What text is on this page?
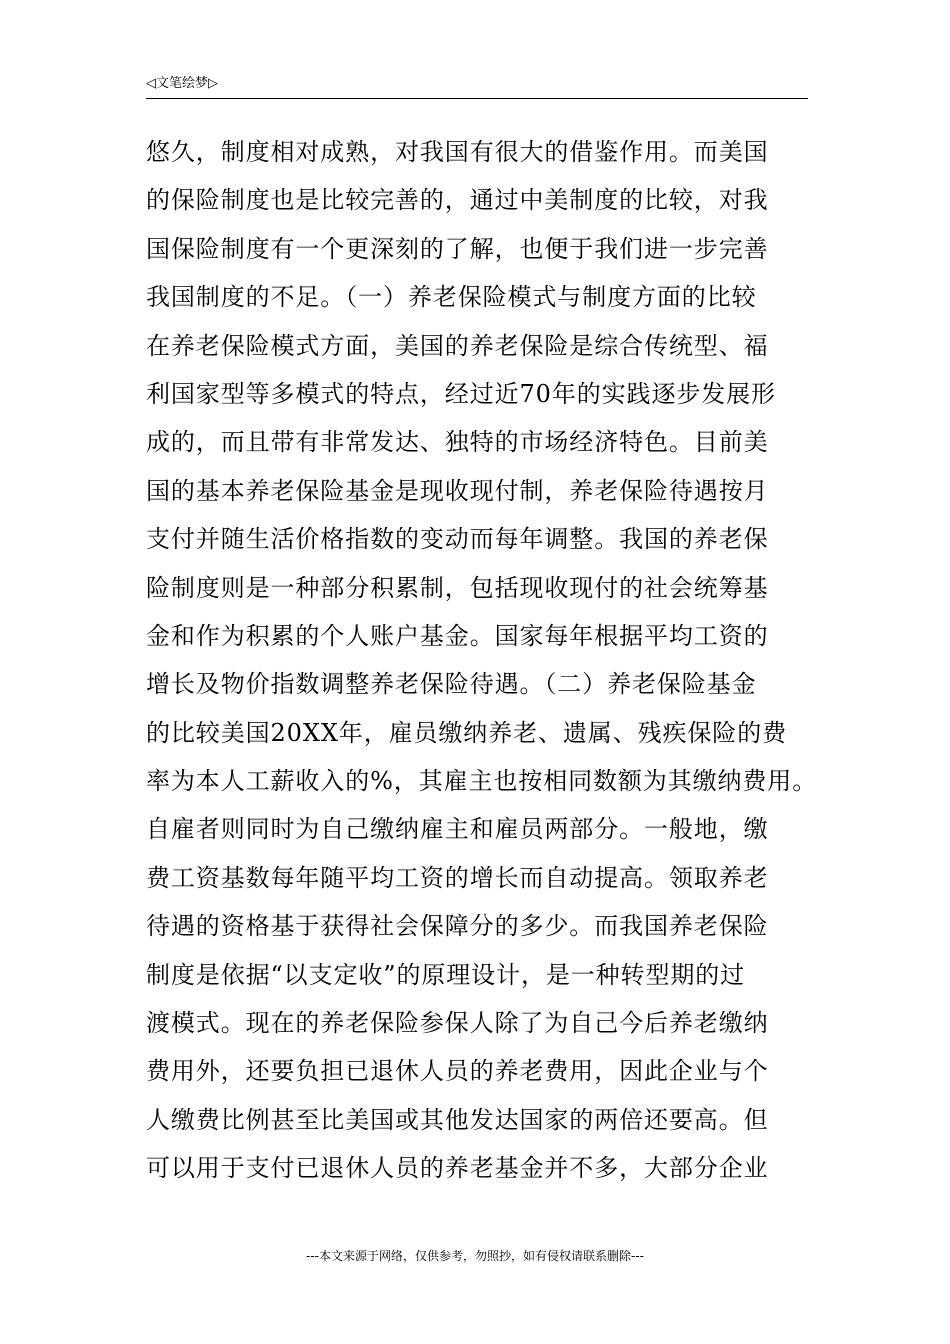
◁文笔绘梦▷
悠久，制度相对成熟，对我国有很大的借鉴作用。而美国
的保险制度也是比较完善的，通过中美制度的比较，对我
国保险制度有一个更深刻的了解，也便于我们进一步完善
我国制度的不足。（一）养老保险模式与制度方面的比较
在养老保险模式方面，美国的养老保险是综合传统型、福
利国家型等多模式的特点，经过近70年的实践逐步发展形
成的，而且带有非常发达、独特的市场经济特色。目前美
国的基本养老保险基金是现收现付制，养老保险待遇按月
支付并随生活价格指数的变动而每年调整。我国的养老保
险制度则是一种部分积累制，包括现收现付的社会统筹基
金和作为积累的个人账户基金。国家每年根据平均工资的
增长及物价指数调整养老保险待遇。（二）养老保险基金
的比较美国20XX年，雇员缴纳养老、遗属、残疾保险的费
率为本人工薪收入的%，其雇主也按相同数额为其缴纳费用。
自雇者则同时为自己缴纳雇主和雇员两部分。一般地，缴
费工资基数每年随平均工资的增长而自动提高。领取养老
待遇的资格基于获得社会保障分的多少。而我国养老保险
制度是依据“以支定收”的原理设计，是一种转型期的过
渡模式。现在的养老保险参保人除了为自己今后养老缴纳
费用外，还要负担已退休人员的养老费用，因此企业与个
人缴费比例甚至比美国或其他发达国家的两倍还要高。但
可以用于支付已退休人员的养老基金并不多，大部分企业
---本文来源于网络，仅供参考，勿照抄，如有侵权请联系删除---
